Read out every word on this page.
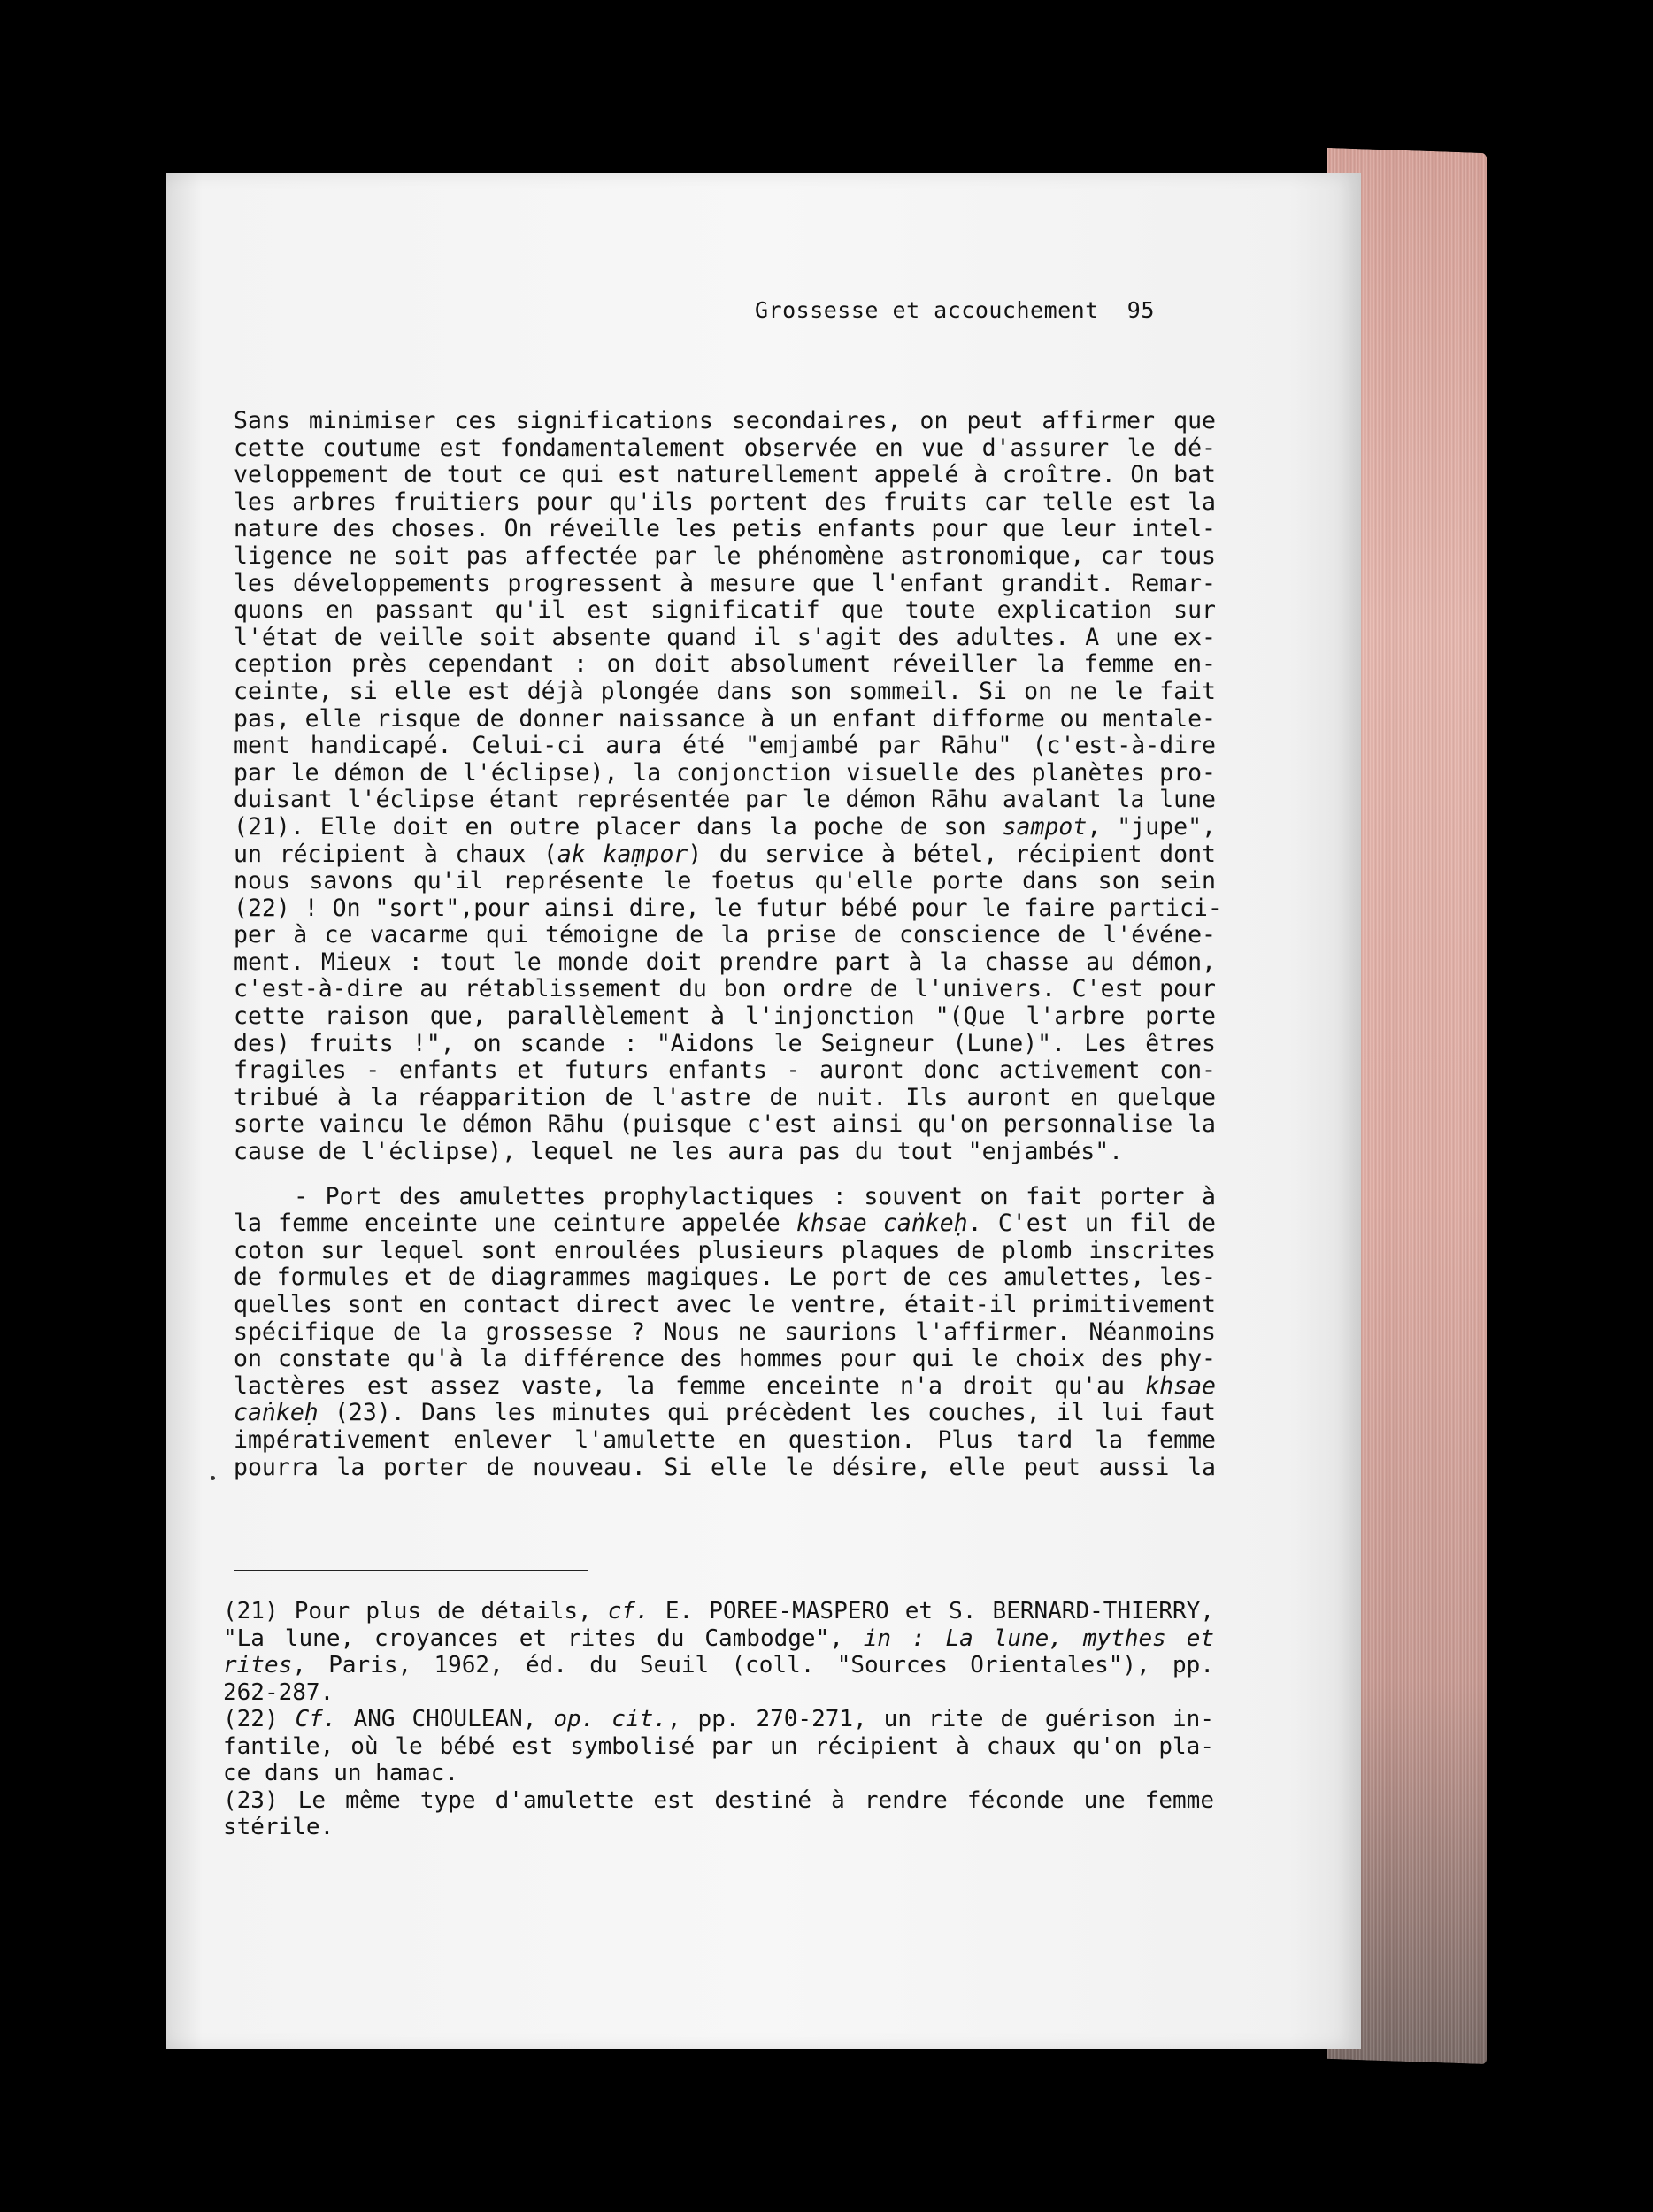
Grossesse et accouchement 95
Sans minimiser ces significations secondaires, on peut affirmer que
cette coutume est fondamentalement observée en vue d'assurer le dé-
veloppement de tout ce qui est naturellement appelé à croître. On bat
les arbres fruitiers pour qu'ils portent des fruits car telle est la
nature des choses. On réveille les petis enfants pour que leur intel-
ligence ne soit pas affectée par le phénomène astronomique, car tous
les développements progressent à mesure que l'enfant grandit. Remar-
quons en passant qu'il est significatif que toute explication sur
l'état de veille soit absente quand il s'agit des adultes. A une ex-
ception près cependant : on doit absolument réveiller la femme en-
ceinte, si elle est déjà plongée dans son sommeil. Si on ne le fait
pas, elle risque de donner naissance à un enfant difforme ou mentale-
ment handicapé. Celui-ci aura été "emjambé par Rāhu" (c'est-à-dire
par le démon de l'éclipse), la conjonction visuelle des planètes pro-
duisant l'éclipse étant représentée par le démon Rāhu avalant la lune
(21). Elle doit en outre placer dans la poche de son sampot, "jupe",
un récipient à chaux (ak kaṃpor) du service à bétel, récipient dont
nous savons qu'il représente le foetus qu'elle porte dans son sein
(22) ! On "sort",pour ainsi dire, le futur bébé pour le faire partici-
per à ce vacarme qui témoigne de la prise de conscience de l'événe-
ment. Mieux : tout le monde doit prendre part à la chasse au démon,
c'est-à-dire au rétablissement du bon ordre de l'univers. C'est pour
cette raison que, parallèlement à l'injonction "(Que l'arbre porte
des) fruits !", on scande : "Aidons le Seigneur (Lune)". Les êtres
fragiles - enfants et futurs enfants - auront donc activement con-
tribué à la réapparition de l'astre de nuit. Ils auront en quelque
sorte vaincu le démon Rāhu (puisque c'est ainsi qu'on personnalise la
cause de l'éclipse), lequel ne les aura pas du tout "enjambés".
- Port des amulettes prophylactiques : souvent on fait porter à
la femme enceinte une ceinture appelée khsae caṅkeḥ. C'est un fil de
coton sur lequel sont enroulées plusieurs plaques de plomb inscrites
de formules et de diagrammes magiques. Le port de ces amulettes, les-
quelles sont en contact direct avec le ventre, était-il primitivement
spécifique de la grossesse ? Nous ne saurions l'affirmer. Néanmoins
on constate qu'à la différence des hommes pour qui le choix des phy-
lactères est assez vaste, la femme enceinte n'a droit qu'au khsae
caṅkeḥ (23). Dans les minutes qui précèdent les couches, il lui faut
impérativement enlever l'amulette en question. Plus tard la femme
pourra la porter de nouveau. Si elle le désire, elle peut aussi la
(21) Pour plus de détails, cf. E. POREE-MASPERO et S. BERNARD-THIERRY,
"La lune, croyances et rites du Cambodge", in : La lune, mythes et
rites, Paris, 1962, éd. du Seuil (coll. "Sources Orientales"), pp.
262-287.
(22) Cf. ANG CHOULEAN, op. cit., pp. 270-271, un rite de guérison in-
fantile, où le bébé est symbolisé par un récipient à chaux qu'on pla-
ce dans un hamac.
(23) Le même type d'amulette est destiné à rendre féconde une femme
stérile.
